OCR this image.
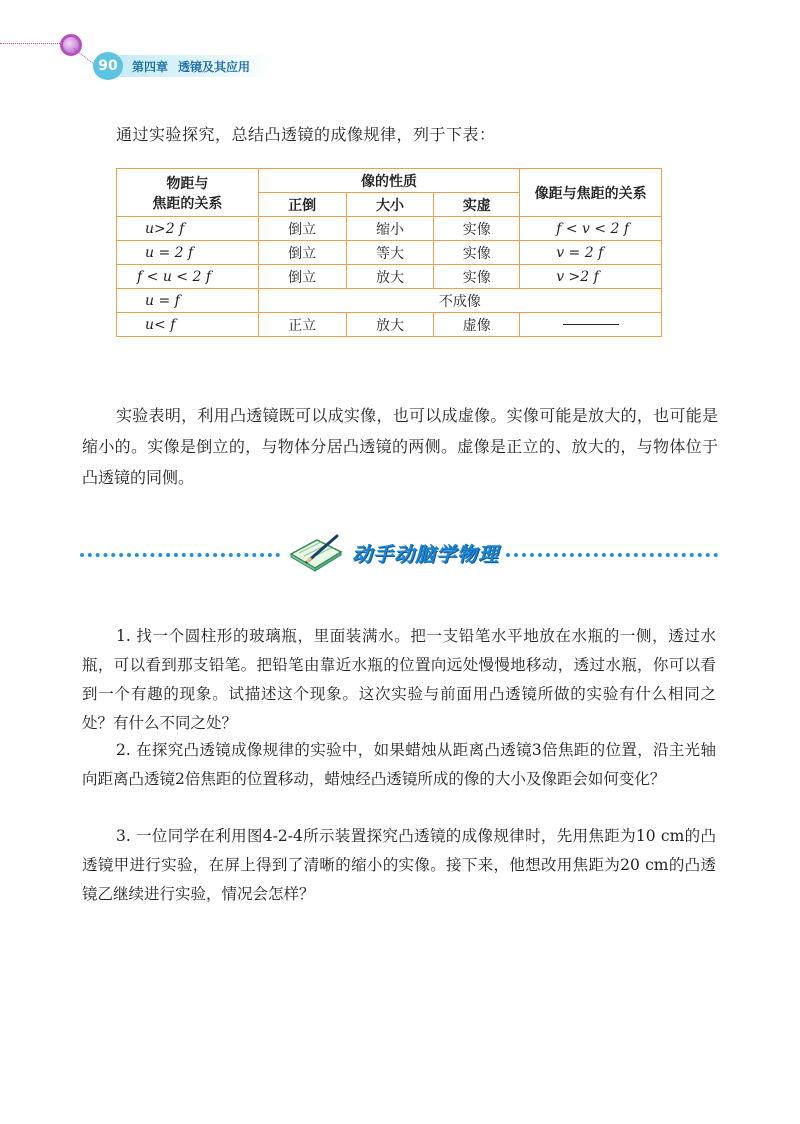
90	第四章 透镜及其应用
通过实验探究，总结凸透镜的成像规律，列于下表：
物距与
焦距的关系	像的性质			像距与焦距的关系
	正倒	大小	实虚	
u>2 f	倒立	缩小	实像	f < v < 2 f
u = 2 f	倒立	等大	实像	v = 2 f
f < u < 2 f	倒立	放大	实像	v >2 f
u = f	不成像			
u< f	正立	放大	虚像	

实验表明，利用凸透镜既可以成实像，也可以成虚像。实像可能是放大的，也可能是缩小的。实像是倒立的，与物体分居凸透镜的两侧。虚像是正立的、放大的，与物体位于凸透镜的同侧。

动手动脑学物理

1. 找一个圆柱形的玻璃瓶，里面装满水。把一支铅笔水平地放在水瓶的一侧，透过水瓶，可以看到那支铅笔。把铅笔由靠近水瓶的位置向远处慢慢地移动，透过水瓶，你可以看到一个有趣的现象。试描述这个现象。这次实验与前面用凸透镜所做的实验有什么相同之处？有什么不同之处？

2. 在探究凸透镜成像规律的实验中，如果蜡烛从距离凸透镜3倍焦距的位置，沿主光轴向距离凸透镜2倍焦距的位置移动，蜡烛经凸透镜所成的像的大小及像距会如何变化？

3. 一位同学在利用图4-2-4所示装置探究凸透镜的成像规律时，先用焦距为10 cm的凸透镜甲进行实验，在屏上得到了清晰的缩小的实像。接下来，他想改用焦距为20 cm的凸透镜乙继续进行实验，情况会怎样？
